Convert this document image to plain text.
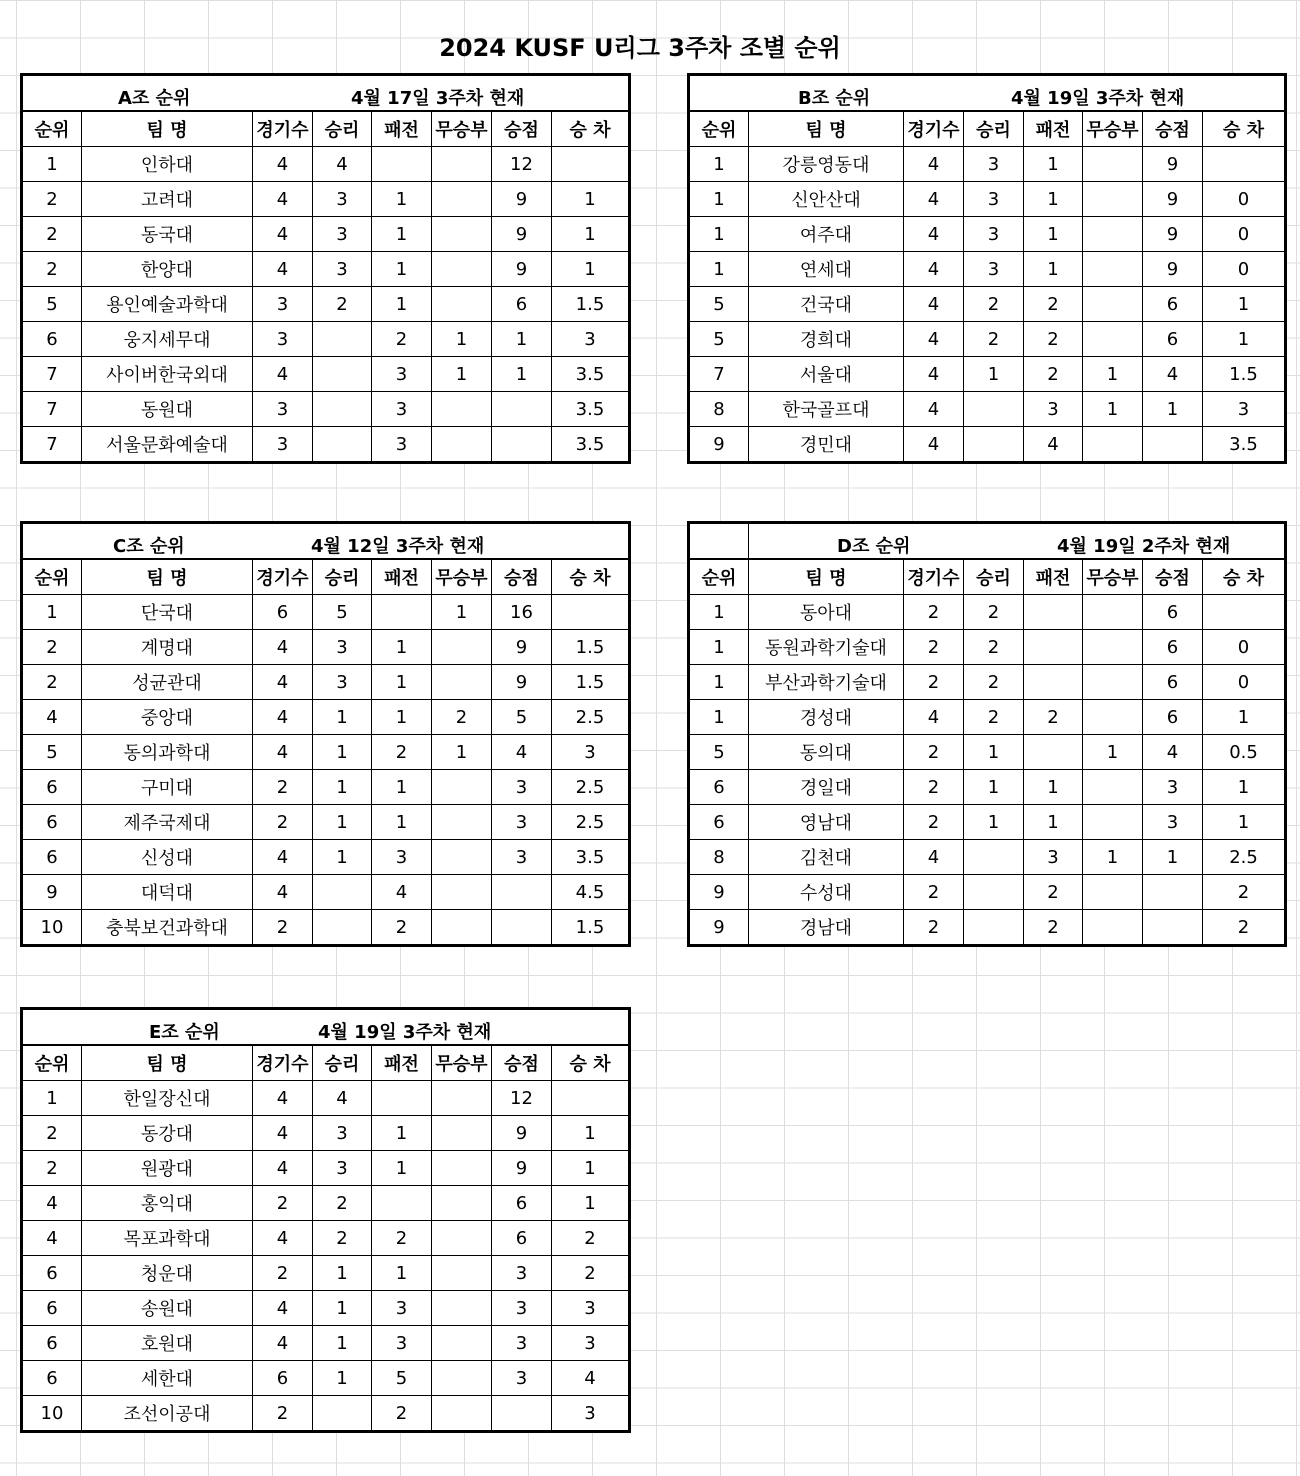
2024 KUSF U리그 3주차 조별 순위
A조 순위 4월 17일 3주차 현재							

순위	팀 명	경기수	승리	패전	무승부	승점	승 차
1	인하대	4	4			12	
2	고려대	4	3	1		9	1
2	동국대	4	3	1		9	1
2	한양대	4	3	1		9	1
5	용인예술과학대	3	2	1		6	1.5
6	웅지세무대	3		2	1	1	3
7	사이버한국외대	4		3	1	1	3.5
7	동원대	3		3			3.5
7	서울문화예술대	3		3			3.5
B조 순위 4월 19일 3주차 현재							

순위	팀 명	경기수	승리	패전	무승부	승점	승 차
1	강릉영동대	4	3	1		9	
1	신안산대	4	3	1		9	0
1	여주대	4	3	1		9	0
1	연세대	4	3	1		9	0
5	건국대	4	2	2		6	1
5	경희대	4	2	2		6	1
7	서울대	4	1	2	1	4	1.5
8	한국골프대	4		3	1	1	3
9	경민대	4		4			3.5
C조 순위 4월 12일 3주차 현재							

순위	팀 명	경기수	승리	패전	무승부	승점	승 차
1	단국대	6	5		1	16	
2	계명대	4	3	1		9	1.5
2	성균관대	4	3	1		9	1.5
4	중앙대	4	1	1	2	5	2.5
5	동의과학대	4	1	2	1	4	3
6	구미대	2	1	1		3	2.5
6	제주국제대	2	1	1		3	2.5
6	신성대	4	1	3		3	3.5
9	대덕대	4		4			4.5
10	충북보건과학대	2		2			1.5

	D조 순위 4월 19일 2주차 현재						

순위	팀 명	경기수	승리	패전	무승부	승점	승 차
1	동아대	2	2			6	
1	동원과학기술대	2	2			6	0
1	부산과학기술대	2	2			6	0
1	경성대	4	2	2		6	1
5	동의대	2	1		1	4	0.5
6	경일대	2	1	1		3	1
6	영남대	2	1	1		3	1
8	김천대	4		3	1	1	2.5
9	수성대	2		2			2
9	경남대	2		2			2
E조 순위 4월 19일 3주차 현재							

순위	팀 명	경기수	승리	패전	무승부	승점	승 차
1	한일장신대	4	4			12	
2	동강대	4	3	1		9	1
2	원광대	4	3	1		9	1
4	홍익대	2	2			6	1
4	목포과학대	4	2	2		6	2
6	청운대	2	1	1		3	2
6	송원대	4	1	3		3	3
6	호원대	4	1	3		3	3
6	세한대	6	1	5		3	4
10	조선이공대	2		2			3
